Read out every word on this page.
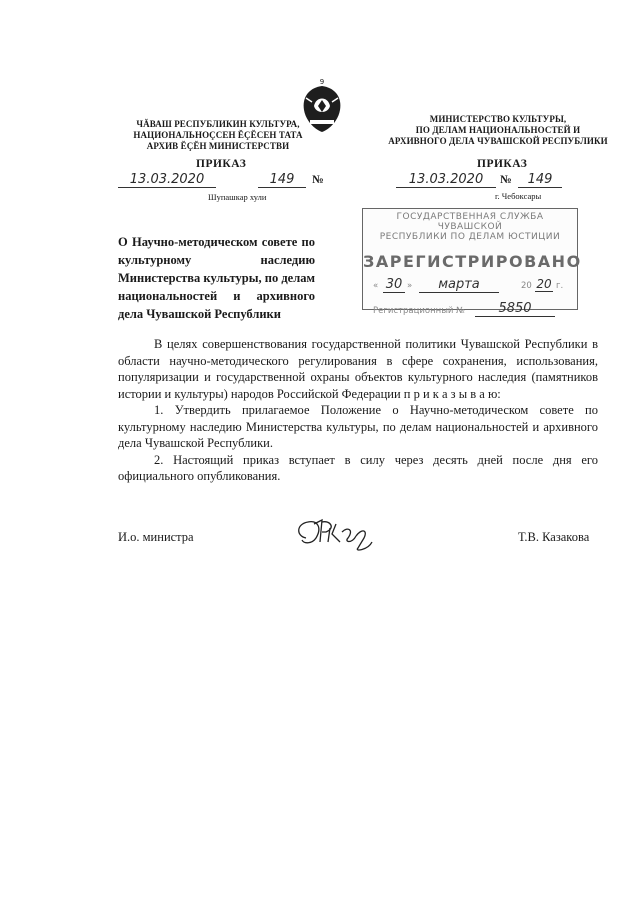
9
ЧĂВАШ РЕСПУБЛИКИН КУЛЬТУРА,
НАЦИОНАЛЬНОÇСЕН ĔÇĔСЕН ТАТА
АРХИВ ĔÇĔН МИНИСТЕРСТВИ
ПРИКАЗ
13.03.2020	149	№
Шупашкар хули
МИНИСТЕРСТВО КУЛЬТУРЫ,
ПО ДЕЛАМ НАЦИОНАЛЬНОСТЕЙ И
АРХИВНОГО ДЕЛА ЧУВАШСКОЙ РЕСПУБЛИКИ
ПРИКАЗ
13.03.2020	№	149
г. Чебоксары
О Научно-методическом совете по культурному наследию Министерства культуры, по делам национальностей и архивного дела Чувашской Республики
ГОСУДАРСТВЕННАЯ СЛУЖБА ЧУВАШСКОЙ
РЕСПУБЛИКИ ПО ДЕЛАМ ЮСТИЦИИ
ЗАРЕГИСТРИРОВАНО
« 30 »	марта	20 20 г.
Регистрационный №	5850

В целях совершенствования государственной политики Чувашской Республики в области научно-методического регулирования в сфере сохранения, использования, популяризации и государственной охраны объектов культурного наследия (памятников истории и культуры) народов Российской Федерации п р и к а з ы в а ю:

1. Утвердить прилагаемое Положение о Научно-методическом совете по культурному наследию Министерства культуры, по делам национальностей и архивного дела Чувашской Республики.

2. Настоящий приказ вступает в силу через десять дней после дня его официального опубликования.

И.о. министра	Т.В. Казакова
